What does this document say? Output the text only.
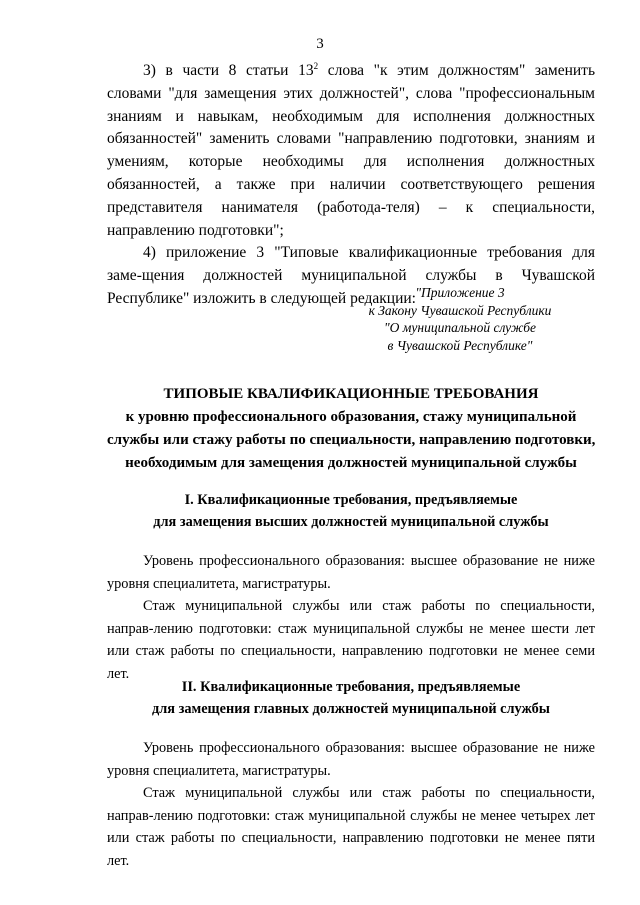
3

3) в части 8 статьи $13^2$ слова "к этим должностям" заменить словами "для замещения этих должностей", слова "профессиональным знаниям и навыкам, необходимым для исполнения должностных обязанностей" заменить словами "направлению подготовки, знаниям и умениям, которые необходимы для исполнения должностных обязанностей, а также при наличии соответствующего решения представителя нанимателя (работода-теля) – к специальности, направлению подготовки";

4) приложение 3 "Типовые квалификационные требования для заме-щения должностей муниципальной службы в Чувашской Республике" изложить в следующей редакции: "Приложение 3
к Закону Чувашской Республики
"О муниципальной службе
в Чувашской Республике"
ТИПОВЫЕ КВАЛИФИКАЦИОННЫЕ ТРЕБОВАНИЯ
к уровню профессионального образования, стажу муниципальной
службы или стажу работы по специальности, направлению подготовки,
необходимым для замещения должностей муниципальной службы
I. Квалификационные требования, предъявляемые
для замещения высших должностей муниципальной службы

Уровень профессионального образования: высшее образование не ниже уровня специалитета, магистратуры.

Стаж муниципальной службы или стаж работы по специальности, направ-лению подготовки: стаж муниципальной службы не менее шести лет или стаж работы по специальности, направлению подготовки не менее семи лет.

II. Квалификационные требования, предъявляемые
для замещения главных должностей муниципальной службы

Уровень профессионального образования: высшее образование не ниже уровня специалитета, магистратуры.

Стаж муниципальной службы или стаж работы по специальности, направ-лению подготовки: стаж муниципальной службы не менее четырех лет или стаж работы по специальности, направлению подготовки не менее пяти лет.
